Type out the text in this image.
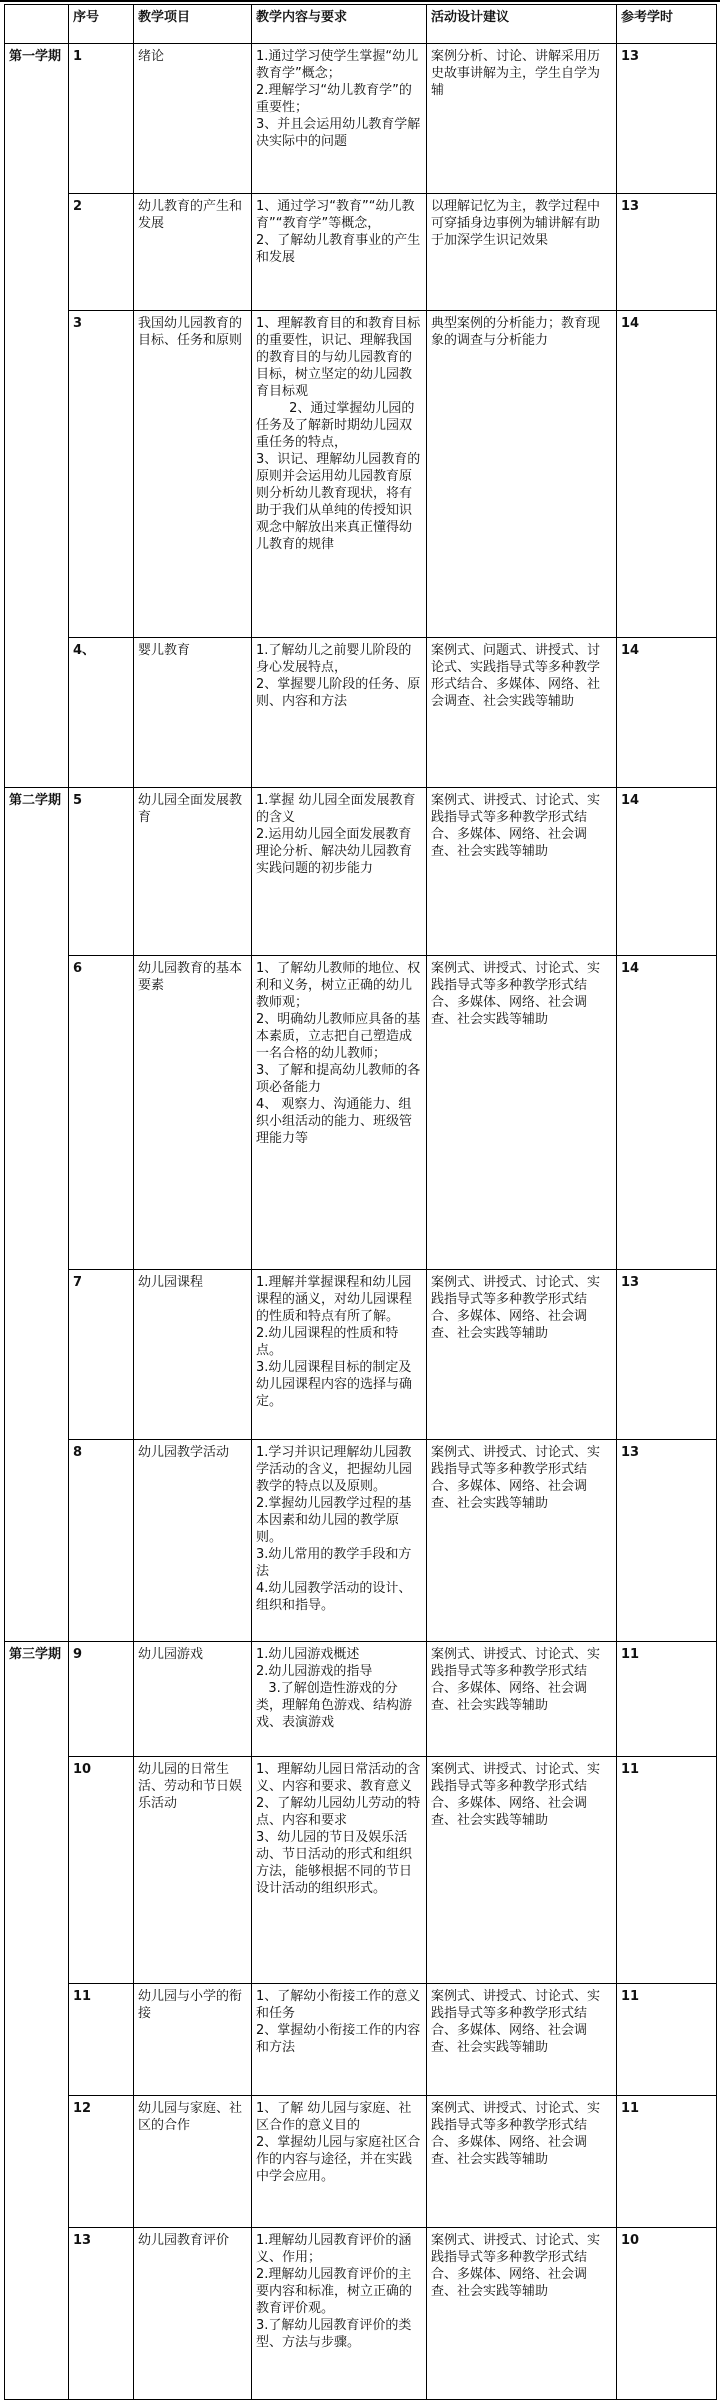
	序号	教学项目	教学内容与要求	活动设计建议	参考学时
第一学期	1	绪论	1.通过学习使学生掌握“幼儿教育学”概念；
2.理解学习“幼儿教育学”的重要性；
3、并且会运用幼儿教育学解决实际中的问题	案例分析、讨论、讲解采用历史故事讲解为主，学生自学为辅	13
	2	幼儿教育的产生和发展	1、通过学习“教育”“幼儿教育”“教育学”等概念，
2、了解幼儿教育事业的产生和发展	以理解记忆为主，教学过程中可穿插身边事例为辅讲解有助于加深学生识记效果	13
	3	我国幼儿园教育的目标、任务和原则	1、理解教育目的和教育目标的重要性，识记、理解我国的教育目的与幼儿园教育的目标，树立坚定的幼儿园教育目标观
2、通过掌握幼儿园的任务及了解新时期幼儿园双重任务的特点，
3、识记、理解幼儿园教育的原则并会运用幼儿园教育原则分析幼儿教育现状，将有助于我们从单纯的传授知识观念中解放出来真正懂得幼儿教育的规律	典型案例的分析能力；教育现象的调查与分析能力	14
	4、	婴儿教育	1.了解幼儿之前婴儿阶段的身心发展特点，
2、掌握婴儿阶段的任务、原则、内容和方法	案例式、问题式、讲授式、讨论式、实践指导式等多种教学形式结合、多媒体、网络、社会调查、社会实践等辅助	14
第二学期	5	幼儿园全面发展教育	1.掌握 幼儿园全面发展教育的含义
2.运用幼儿园全面发展教育理论分析、解决幼儿园教育实践问题的初步能力	案例式、讲授式、讨论式、实践指导式等多种教学形式结合、多媒体、网络、社会调查、社会实践等辅助	14
	6	幼儿园教育的基本要素	1、了解幼儿教师的地位、权利和义务，树立正确的幼儿教师观；
2、明确幼儿教师应具备的基本素质，立志把自己塑造成一名合格的幼儿教师；
3、了解和提高幼儿教师的各项必备能力
4、 观察力、沟通能力、组织小组活动的能力、班级管理能力等	案例式、讲授式、讨论式、实践指导式等多种教学形式结合、多媒体、网络、社会调查、社会实践等辅助	14
	7	幼儿园课程	1.理解并掌握课程和幼儿园课程的涵义，对幼儿园课程的性质和特点有所了解。
2.幼儿园课程的性质和特点。
3.幼儿园课程目标的制定及幼儿园课程内容的选择与确定。	案例式、讲授式、讨论式、实践指导式等多种教学形式结合、多媒体、网络、社会调查、社会实践等辅助	13
	8	幼儿园教学活动	1.学习并识记理解幼儿园教学活动的含义，把握幼儿园教学的特点以及原则。
2.掌握幼儿园教学过程的基本因素和幼儿园的教学原则。
3.幼儿常用的教学手段和方法
4.幼儿园教学活动的设计、组织和指导。	案例式、讲授式、讨论式、实践指导式等多种教学形式结合、多媒体、网络、社会调查、社会实践等辅助	13
第三学期	9	幼儿园游戏	1.幼儿园游戏概述
2.幼儿园游戏的指导
3.了解创造性游戏的分类，理解角色游戏、结构游戏、表演游戏	案例式、讲授式、讨论式、实践指导式等多种教学形式结合、多媒体、网络、社会调查、社会实践等辅助	11
	10	幼儿园的日常生活、劳动和节日娱乐活动	1、理解幼儿园日常活动的含义、内容和要求、教育意义
2、了解幼儿园幼儿劳动的特点、内容和要求
3、幼儿园的节日及娱乐活动、节日活动的形式和组织方法，能够根据不同的节日设计活动的组织形式。	案例式、讲授式、讨论式、实践指导式等多种教学形式结合、多媒体、网络、社会调查、社会实践等辅助	11
	11	幼儿园与小学的衔接	1、了解幼小衔接工作的意义和任务
2、掌握幼小衔接工作的内容和方法	案例式、讲授式、讨论式、实践指导式等多种教学形式结合、多媒体、网络、社会调查、社会实践等辅助	11
	12	幼儿园与家庭、社区的合作	1、了解 幼儿园与家庭、社区合作的意义目的
2、掌握幼儿园与家庭社区合作的内容与途径，并在实践中学会应用。	案例式、讲授式、讨论式、实践指导式等多种教学形式结合、多媒体、网络、社会调查、社会实践等辅助	11
	13	幼儿园教育评价	1.理解幼儿园教育评价的涵义、作用；
2.理解幼儿园教育评价的主要内容和标准，树立正确的教育评价观。
3.了解幼儿园教育评价的类型、方法与步骤。	案例式、讲授式、讨论式、实践指导式等多种教学形式结合、多媒体、网络、社会调查、社会实践等辅助	10
